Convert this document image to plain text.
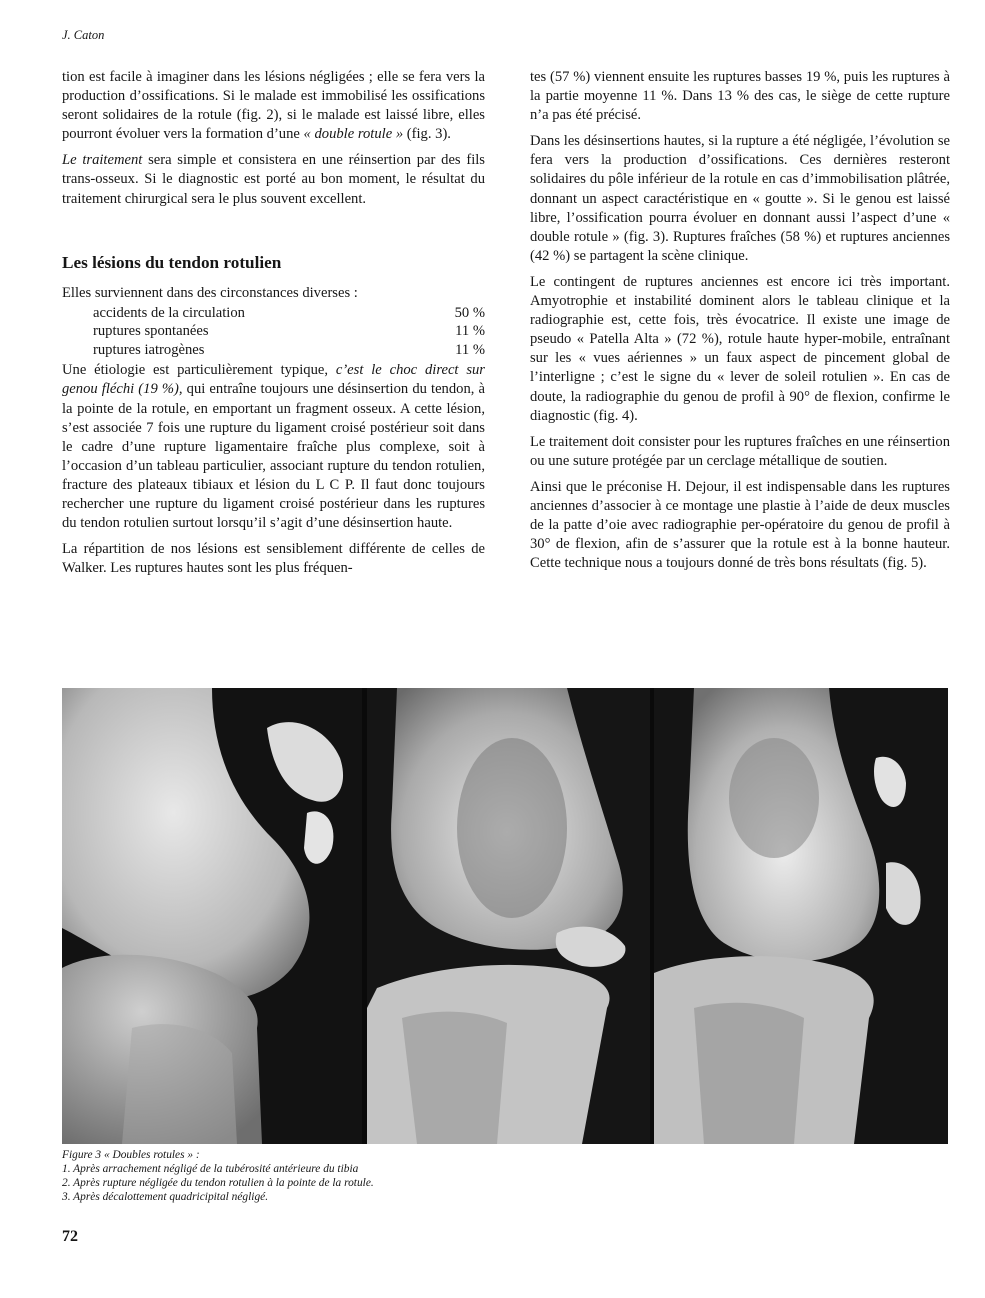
J. Caton

tion est facile à imaginer dans les lésions négligées ; elle se fera vers la production d’ossifications. Si le malade est immobilisé les ossifications seront solidaires de la rotule (fig. 2), si le malade est laissé libre, elles pourront évoluer vers la formation d’une « double rotule » (fig. 3).

Le traitement sera simple et consistera en une réinsertion par des fils trans-osseux. Si le diagnostic est porté au bon moment, le résultat du traitement chirurgical sera le plus souvent excellent.

Les lésions du tendon rotulien

Elles surviennent dans des circonstances diverses :

accidents de la circulation	50 %
ruptures spontanées	11 %
ruptures iatrogènes	11 %

Une étiologie est particulièrement typique, c’est le choc direct sur genou fléchi (19 %), qui entraîne toujours une désinsertion du tendon, à la pointe de la rotule, en emportant un fragment osseux. A cette lésion, s’est associée 7 fois une rupture du ligament croisé postérieur soit dans le cadre d’une rupture ligamentaire fraîche plus complexe, soit à l’occasion d’un tableau particulier, associant rupture du tendon rotulien, fracture des plateaux tibiaux et lésion du L C P. Il faut donc toujours rechercher une rupture du ligament croisé postérieur dans les ruptures du tendon rotulien surtout lorsqu’il s’agit d’une désinsertion haute.

La répartition de nos lésions est sensiblement différente de celles de Walker. Les ruptures hautes sont les plus fréquen-

tes (57 %) viennent ensuite les ruptures basses 19 %, puis les ruptures à la partie moyenne 11 %. Dans 13 % des cas, le siège de cette rupture n’a pas été précisé.

Dans les désinsertions hautes, si la rupture a été négligée, l’évolution se fera vers la production d’ossifications. Ces dernières resteront solidaires du pôle inférieur de la rotule en cas d’immobilisation plâtrée, donnant un aspect caractéristique en « goutte ». Si le genou est laissé libre, l’ossification pourra évoluer en donnant aussi l’aspect d’une « double rotule » (fig. 3). Ruptures fraîches (58 %) et ruptures anciennes (42 %) se partagent la scène clinique.

Le contingent de ruptures anciennes est encore ici très important. Amyotrophie et instabilité dominent alors le tableau clinique et la radiographie est, cette fois, très évocatrice. Il existe une image de pseudo « Patella Alta » (72 %), rotule haute hyper-mobile, entraînant sur les « vues aériennes » un faux aspect de pincement global de l’interligne ; c’est le signe du « lever de soleil rotulien ». En cas de doute, la radiographie du genou de profil à 90° de flexion, confirme le diagnostic (fig. 4).

Le traitement doit consister pour les ruptures fraîches en une réinsertion ou une suture protégée par un cerclage métallique de soutien.

Ainsi que le préconise H. Dejour, il est indispensable dans les ruptures anciennes d’associer à ce montage une plastie à l’aide de deux muscles de la patte d’oie avec radiographie per-opératoire du genou de profil à 30° de flexion, afin de s’assurer que la rotule est à la bonne hauteur. Cette technique nous a toujours donné de très bons résultats (fig. 5).

Figure 3 « Doubles rotules » :
1. Après arrachement négligé de la tubérosité antérieure du tibia
2. Après rupture négligée du tendon rotulien à la pointe de la rotule.
3. Après décalottement quadricipital négligé.
72
